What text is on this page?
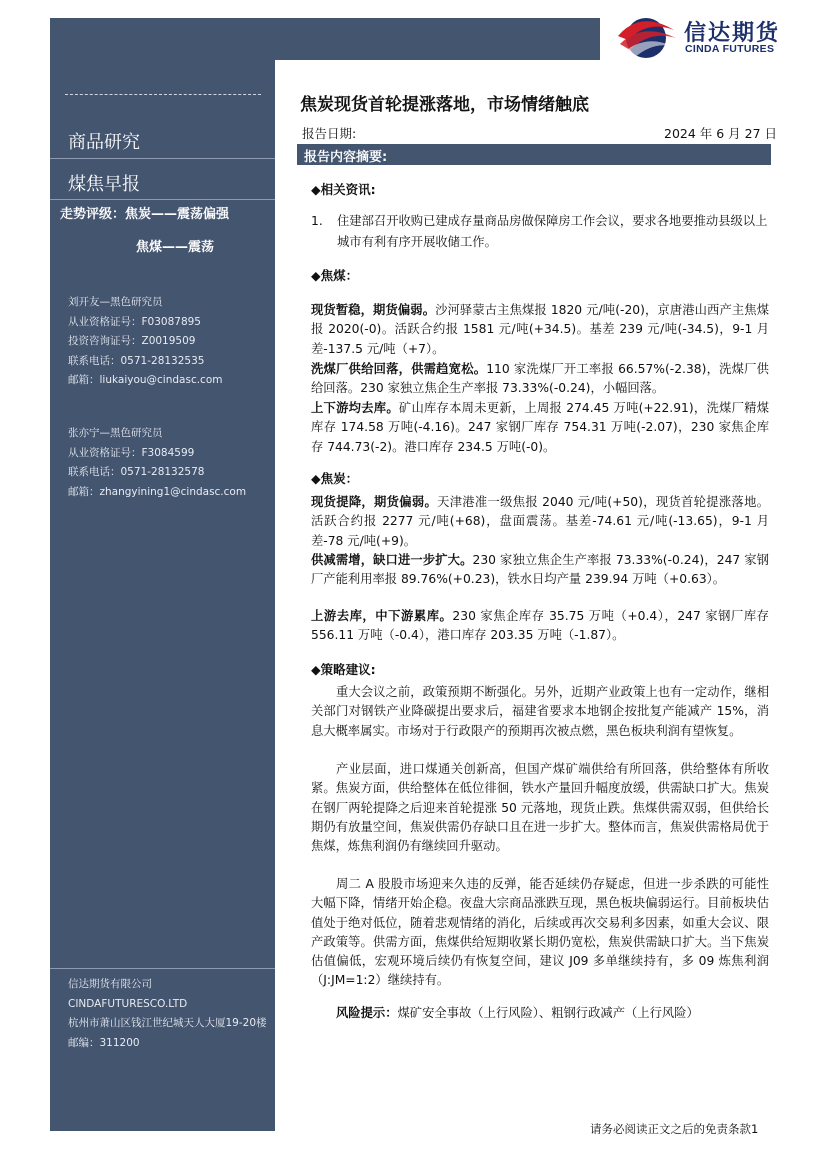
信达期货
CINDA FUTURES
商品研究
煤焦早报
走势评级：焦炭——震荡偏强
焦煤——震荡
刘开友—黑色研究员
从业资格证号：F03087895
投资咨询证号：Z0019509
联系电话：0571-28132535
邮箱：liukaiyou@cindasc.com
张亦宁—黑色研究员
从业资格证号：F3084599
联系电话：0571-28132578
邮箱：zhangyining1@cindasc.com
信达期货有限公司
CINDAFUTURESCO.LTD
杭州市萧山区钱江世纪城天人大厦19-20楼
邮编：311200
焦炭现货首轮提涨落地，市场情绪触底
报告日期:	2024 年 6 月 27 日
报告内容摘要:
◆相关资讯:
1. 住建部召开收购已建成存量商品房做保障房工作会议，要求各地要推动县级以上城市有利有序开展收储工作。
◆焦煤：
现货暂稳，期货偏弱。沙河驿蒙古主焦煤报 1820 元/吨(-20)，京唐港山西产主焦煤报 2020(-0)。活跃合约报 1581 元/吨(+34.5)。基差 239 元/吨(-34.5)，9-1 月差-137.5 元/吨（+7）。
洗煤厂供给回落，供需趋宽松。110 家洗煤厂开工率报 66.57%(-2.38)，洗煤厂供给回落。230 家独立焦企生产率报 73.33%(-0.24)，小幅回落。
上下游均去库。矿山库存本周未更新，上周报 274.45 万吨(+22.91)，洗煤厂精煤库存 174.58 万吨(-4.16)。247 家钢厂库存 754.31 万吨(-2.07)，230 家焦企库存 744.73(-2)。港口库存 234.5 万吨(-0)。
◆焦炭：
现货提降，期货偏弱。天津港准一级焦报 2040 元/吨(+50)，现货首轮提涨落地。活跃合约报 2277 元/吨(+68)，盘面震荡。基差-74.61 元/吨(-13.65)，9-1 月差-78 元/吨(+9)。
供减需增，缺口进一步扩大。230 家独立焦企生产率报 73.33%(-0.24)，247 家钢厂产能利用率报 89.76%(+0.23)，铁水日均产量 239.94 万吨（+0.63）。
上游去库，中下游累库。230 家焦企库存 35.75 万吨（+0.4），247 家钢厂库存 556.11 万吨（-0.4），港口库存 203.35 万吨（-1.87）。
◆策略建议:
重大会议之前，政策预期不断强化。另外，近期产业政策上也有一定动作，继相关部门对钢铁产业降碳提出要求后，福建省要求本地钢企按批复产能减产 15%，消息大概率属实。市场对于行政限产的预期再次被点燃，黑色板块利润有望恢复。
产业层面，进口煤通关创新高，但国产煤矿端供给有所回落，供给整体有所收紧。焦炭方面，供给整体在低位徘徊，铁水产量回升幅度放缓，供需缺口扩大。焦炭在钢厂两轮提降之后迎来首轮提涨 50 元落地，现货止跌。焦煤供需双弱，但供给长期仍有放量空间，焦炭供需仍存缺口且在进一步扩大。整体而言，焦炭供需格局优于焦煤，炼焦利润仍有继续回升驱动。
周二 A 股股市场迎来久违的反弹，能否延续仍存疑虑，但进一步杀跌的可能性大幅下降，情绪开始企稳。夜盘大宗商品涨跌互现，黑色板块偏弱运行。目前板块估值处于绝对低位，随着悲观情绪的消化，后续或再次交易利多因素，如重大会议、限产政策等。供需方面，焦煤供给短期收紧长期仍宽松，焦炭供需缺口扩大。当下焦炭估值偏低，宏观环境后续仍有恢复空间，建议 J09 多单继续持有，多 09 炼焦利润（J:JM=1:2）继续持有。
风险提示：煤矿安全事故（上行风险）、粗钢行政减产（上行风险）
请务必阅读正文之后的免责条款1
